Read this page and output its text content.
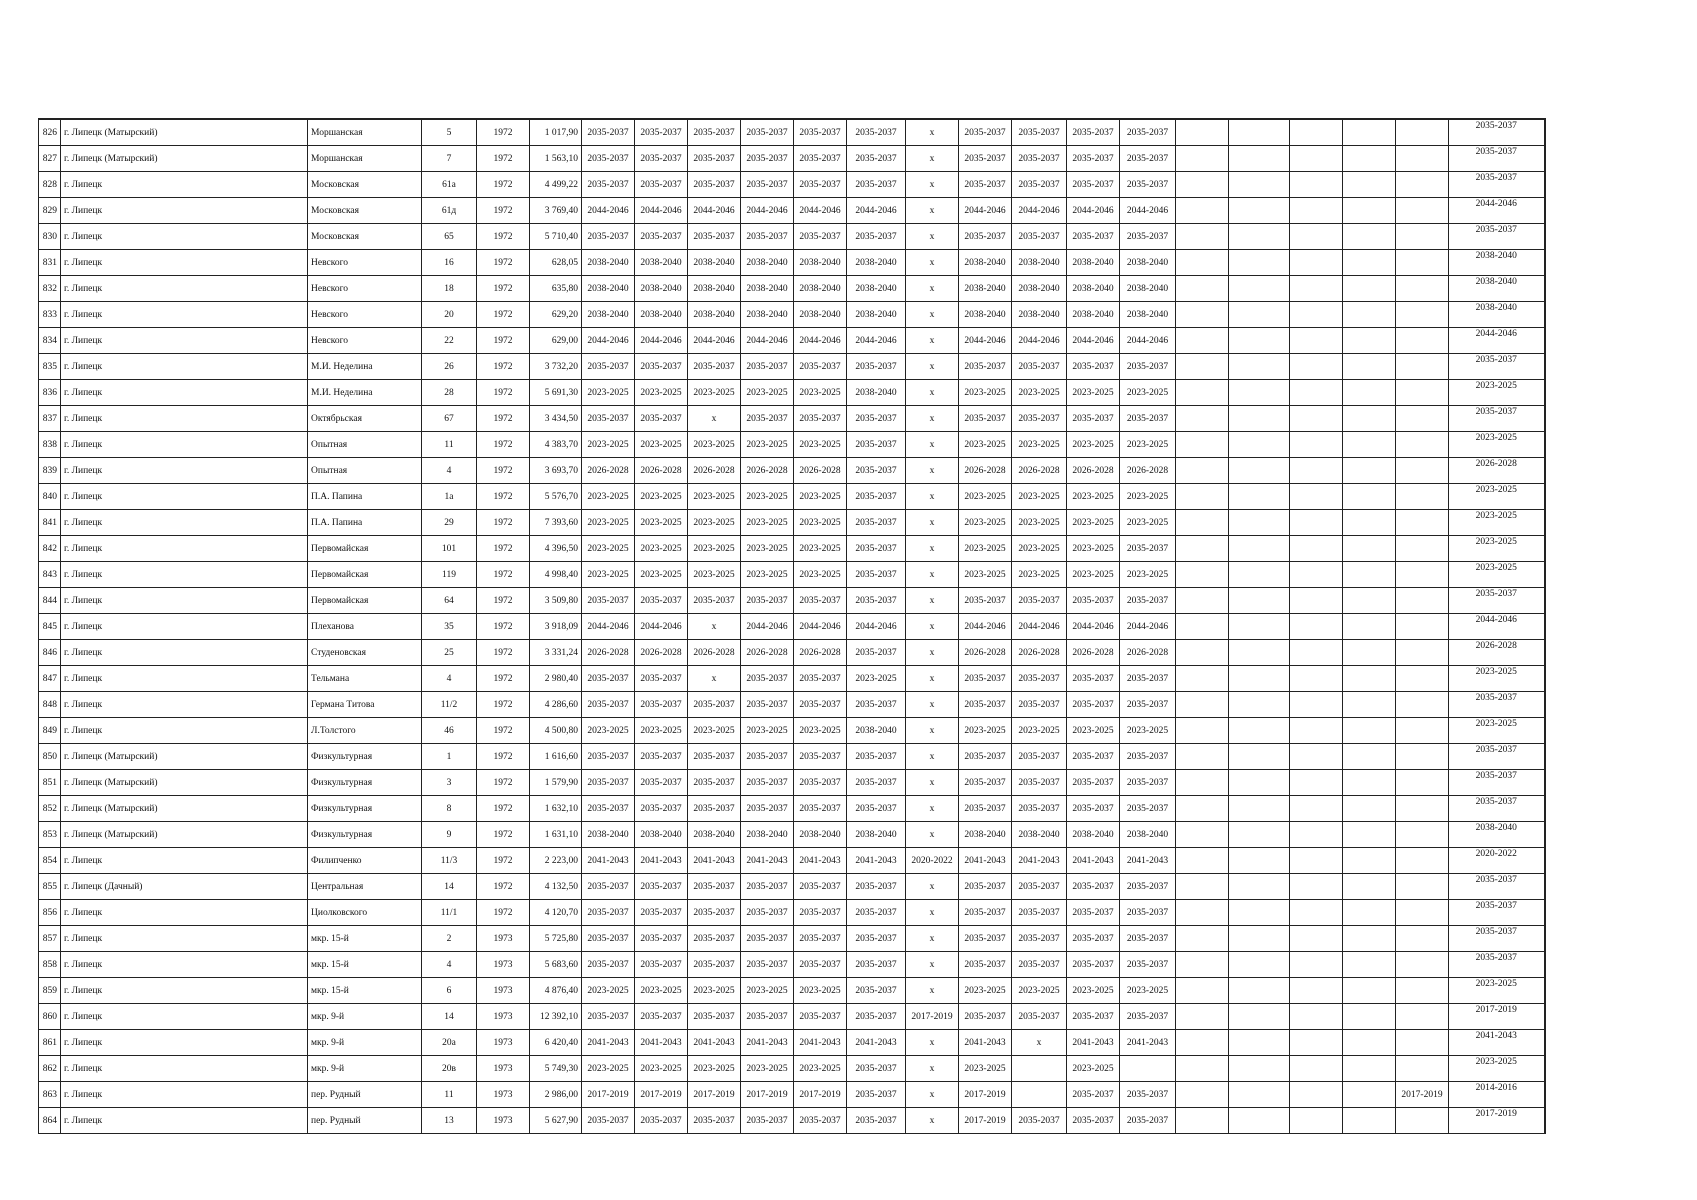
826	г. Липецк (Матырский)	Моршанская	5	1972	1 017,90	2035-2037	2035-2037	2035-2037	2035-2037	2035-2037	2035-2037	x	2035-2037	2035-2037	2035-2037	2035-2037						2035-2037
827	г. Липецк (Матырский)	Моршанская	7	1972	1 563,10	2035-2037	2035-2037	2035-2037	2035-2037	2035-2037	2035-2037	x	2035-2037	2035-2037	2035-2037	2035-2037						2035-2037
828	г. Липецк	Московская	61а	1972	4 499,22	2035-2037	2035-2037	2035-2037	2035-2037	2035-2037	2035-2037	x	2035-2037	2035-2037	2035-2037	2035-2037						2035-2037
829	г. Липецк	Московская	61д	1972	3 769,40	2044-2046	2044-2046	2044-2046	2044-2046	2044-2046	2044-2046	x	2044-2046	2044-2046	2044-2046	2044-2046						2044-2046
830	г. Липецк	Московская	65	1972	5 710,40	2035-2037	2035-2037	2035-2037	2035-2037	2035-2037	2035-2037	x	2035-2037	2035-2037	2035-2037	2035-2037						2035-2037
831	г. Липецк	Невского	16	1972	628,05	2038-2040	2038-2040	2038-2040	2038-2040	2038-2040	2038-2040	x	2038-2040	2038-2040	2038-2040	2038-2040						2038-2040
832	г. Липецк	Невского	18	1972	635,80	2038-2040	2038-2040	2038-2040	2038-2040	2038-2040	2038-2040	x	2038-2040	2038-2040	2038-2040	2038-2040						2038-2040
833	г. Липецк	Невского	20	1972	629,20	2038-2040	2038-2040	2038-2040	2038-2040	2038-2040	2038-2040	x	2038-2040	2038-2040	2038-2040	2038-2040						2038-2040
834	г. Липецк	Невского	22	1972	629,00	2044-2046	2044-2046	2044-2046	2044-2046	2044-2046	2044-2046	x	2044-2046	2044-2046	2044-2046	2044-2046						2044-2046
835	г. Липецк	М.И. Неделина	26	1972	3 732,20	2035-2037	2035-2037	2035-2037	2035-2037	2035-2037	2035-2037	x	2035-2037	2035-2037	2035-2037	2035-2037						2035-2037
836	г. Липецк	М.И. Неделина	28	1972	5 691,30	2023-2025	2023-2025	2023-2025	2023-2025	2023-2025	2038-2040	x	2023-2025	2023-2025	2023-2025	2023-2025						2023-2025
837	г. Липецк	Октябрьская	67	1972	3 434,50	2035-2037	2035-2037	x	2035-2037	2035-2037	2035-2037	x	2035-2037	2035-2037	2035-2037	2035-2037						2035-2037
838	г. Липецк	Опытная	11	1972	4 383,70	2023-2025	2023-2025	2023-2025	2023-2025	2023-2025	2035-2037	x	2023-2025	2023-2025	2023-2025	2023-2025						2023-2025
839	г. Липецк	Опытная	4	1972	3 693,70	2026-2028	2026-2028	2026-2028	2026-2028	2026-2028	2035-2037	x	2026-2028	2026-2028	2026-2028	2026-2028						2026-2028
840	г. Липецк	П.А. Папина	1а	1972	5 576,70	2023-2025	2023-2025	2023-2025	2023-2025	2023-2025	2035-2037	x	2023-2025	2023-2025	2023-2025	2023-2025						2023-2025
841	г. Липецк	П.А. Папина	29	1972	7 393,60	2023-2025	2023-2025	2023-2025	2023-2025	2023-2025	2035-2037	x	2023-2025	2023-2025	2023-2025	2023-2025						2023-2025
842	г. Липецк	Первомайская	101	1972	4 396,50	2023-2025	2023-2025	2023-2025	2023-2025	2023-2025	2035-2037	x	2023-2025	2023-2025	2023-2025	2035-2037						2023-2025
843	г. Липецк	Первомайская	119	1972	4 998,40	2023-2025	2023-2025	2023-2025	2023-2025	2023-2025	2035-2037	x	2023-2025	2023-2025	2023-2025	2023-2025						2023-2025
844	г. Липецк	Первомайская	64	1972	3 509,80	2035-2037	2035-2037	2035-2037	2035-2037	2035-2037	2035-2037	x	2035-2037	2035-2037	2035-2037	2035-2037						2035-2037
845	г. Липецк	Плеханова	35	1972	3 918,09	2044-2046	2044-2046	x	2044-2046	2044-2046	2044-2046	x	2044-2046	2044-2046	2044-2046	2044-2046						2044-2046
846	г. Липецк	Студеновская	25	1972	3 331,24	2026-2028	2026-2028	2026-2028	2026-2028	2026-2028	2035-2037	x	2026-2028	2026-2028	2026-2028	2026-2028						2026-2028
847	г. Липецк	Тельмана	4	1972	2 980,40	2035-2037	2035-2037	x	2035-2037	2035-2037	2023-2025	x	2035-2037	2035-2037	2035-2037	2035-2037						2023-2025
848	г. Липецк	Германа Титова	11/2	1972	4 286,60	2035-2037	2035-2037	2035-2037	2035-2037	2035-2037	2035-2037	x	2035-2037	2035-2037	2035-2037	2035-2037						2035-2037
849	г. Липецк	Л.Толстого	46	1972	4 500,80	2023-2025	2023-2025	2023-2025	2023-2025	2023-2025	2038-2040	x	2023-2025	2023-2025	2023-2025	2023-2025						2023-2025
850	г. Липецк (Матырский)	Физкультурная	1	1972	1 616,60	2035-2037	2035-2037	2035-2037	2035-2037	2035-2037	2035-2037	x	2035-2037	2035-2037	2035-2037	2035-2037						2035-2037
851	г. Липецк (Матырский)	Физкультурная	3	1972	1 579,90	2035-2037	2035-2037	2035-2037	2035-2037	2035-2037	2035-2037	x	2035-2037	2035-2037	2035-2037	2035-2037						2035-2037
852	г. Липецк (Матырский)	Физкультурная	8	1972	1 632,10	2035-2037	2035-2037	2035-2037	2035-2037	2035-2037	2035-2037	x	2035-2037	2035-2037	2035-2037	2035-2037						2035-2037
853	г. Липецк (Матырский)	Физкультурная	9	1972	1 631,10	2038-2040	2038-2040	2038-2040	2038-2040	2038-2040	2038-2040	x	2038-2040	2038-2040	2038-2040	2038-2040						2038-2040
854	г. Липецк	Филипченко	11/3	1972	2 223,00	2041-2043	2041-2043	2041-2043	2041-2043	2041-2043	2041-2043	2020-2022	2041-2043	2041-2043	2041-2043	2041-2043						2020-2022
855	г. Липецк (Дачный)	Центральная	14	1972	4 132,50	2035-2037	2035-2037	2035-2037	2035-2037	2035-2037	2035-2037	x	2035-2037	2035-2037	2035-2037	2035-2037						2035-2037
856	г. Липецк	Циолковского	11/1	1972	4 120,70	2035-2037	2035-2037	2035-2037	2035-2037	2035-2037	2035-2037	x	2035-2037	2035-2037	2035-2037	2035-2037						2035-2037
857	г. Липецк	мкр. 15-й	2	1973	5 725,80	2035-2037	2035-2037	2035-2037	2035-2037	2035-2037	2035-2037	x	2035-2037	2035-2037	2035-2037	2035-2037						2035-2037
858	г. Липецк	мкр. 15-й	4	1973	5 683,60	2035-2037	2035-2037	2035-2037	2035-2037	2035-2037	2035-2037	x	2035-2037	2035-2037	2035-2037	2035-2037						2035-2037
859	г. Липецк	мкр. 15-й	6	1973	4 876,40	2023-2025	2023-2025	2023-2025	2023-2025	2023-2025	2035-2037	x	2023-2025	2023-2025	2023-2025	2023-2025						2023-2025
860	г. Липецк	мкр. 9-й	14	1973	12 392,10	2035-2037	2035-2037	2035-2037	2035-2037	2035-2037	2035-2037	2017-2019	2035-2037	2035-2037	2035-2037	2035-2037						2017-2019
861	г. Липецк	мкр. 9-й	20а	1973	6 420,40	2041-2043	2041-2043	2041-2043	2041-2043	2041-2043	2041-2043	x	2041-2043	x	2041-2043	2041-2043						2041-2043
862	г. Липецк	мкр. 9-й	20в	1973	5 749,30	2023-2025	2023-2025	2023-2025	2023-2025	2023-2025	2035-2037	x	2023-2025		2023-2025							2023-2025
863	г. Липецк	пер. Рудный	11	1973	2 986,00	2017-2019	2017-2019	2017-2019	2017-2019	2017-2019	2035-2037	x	2017-2019		2035-2037	2035-2037					2017-2019	2014-2016
864	г. Липецк	пер. Рудный	13	1973	5 627,90	2035-2037	2035-2037	2035-2037	2035-2037	2035-2037	2035-2037	x	2017-2019	2035-2037	2035-2037	2035-2037						2017-2019
